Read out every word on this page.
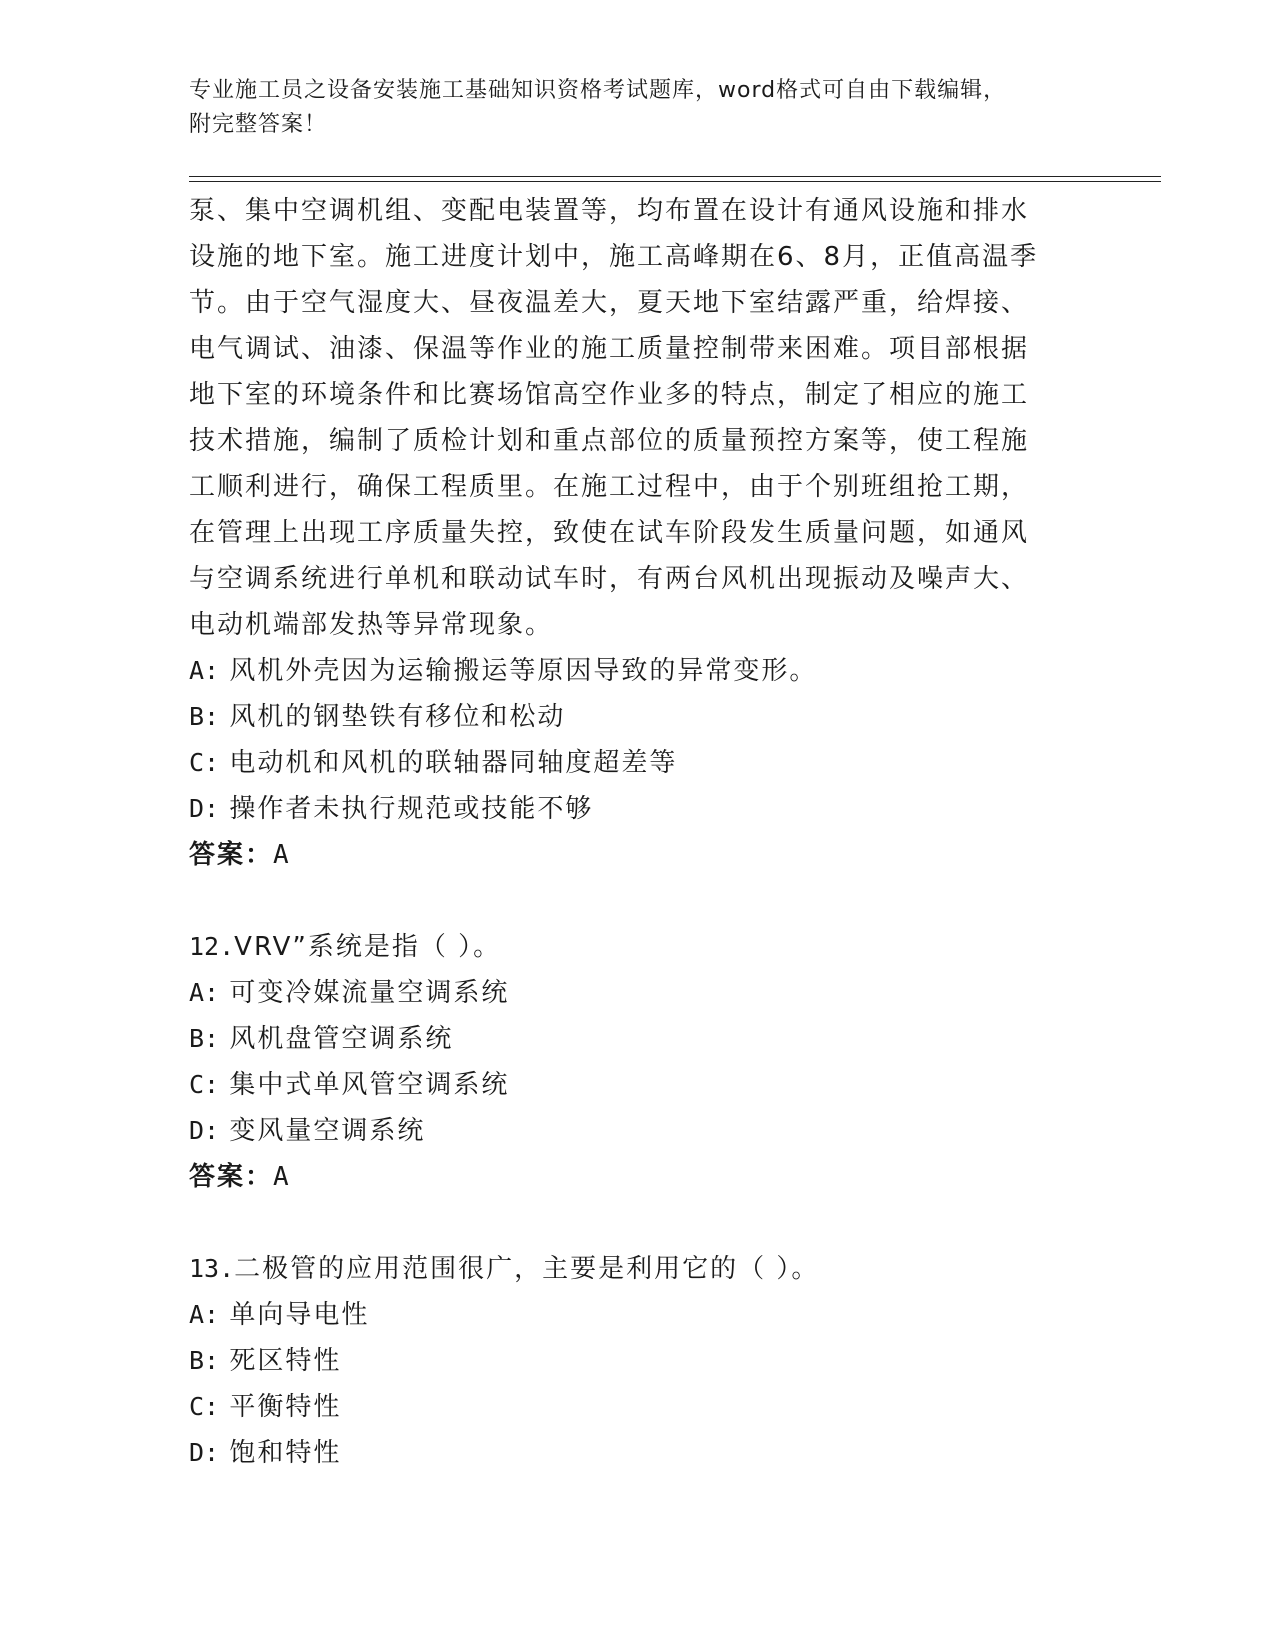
专业施工员之设备安装施工基础知识资格考试题库，word格式可自由下载编辑，
附完整答案！
泵、集中空调机组、变配电装置等，均布置在设计有通风设施和排水
设施的地下室。施工进度计划中，施工高峰期在6、8月，正值高温季
节。由于空气湿度大、昼夜温差大，夏天地下室结露严重，给焊接、
电气调试、油漆、保温等作业的施工质量控制带来困难。项目部根据
地下室的环境条件和比赛场馆高空作业多的特点，制定了相应的施工
技术措施，编制了质检计划和重点部位的质量预控方案等，使工程施
工顺利进行，确保工程质里。在施工过程中，由于个别班组抢工期，
在管理上出现工序质量失控，致使在试车阶段发生质量问题，如通风
与空调系统进行单机和联动试车时，有两台风机出现振动及噪声大、
电动机端部发热等异常现象。
A: 风机外壳因为运输搬运等原因导致的异常变形。
B: 风机的钢垫铁有移位和松动
C: 电动机和风机的联轴器同轴度超差等
D: 操作者未执行规范或技能不够
答案：A
12.VRV”系统是指（ ）。
A: 可变冷媒流量空调系统
B: 风机盘管空调系统
C: 集中式单风管空调系统
D: 变风量空调系统
答案：A
13.二极管的应用范围很广，主要是利用它的（ ）。
A: 单向导电性
B: 死区特性
C: 平衡特性
D: 饱和特性
